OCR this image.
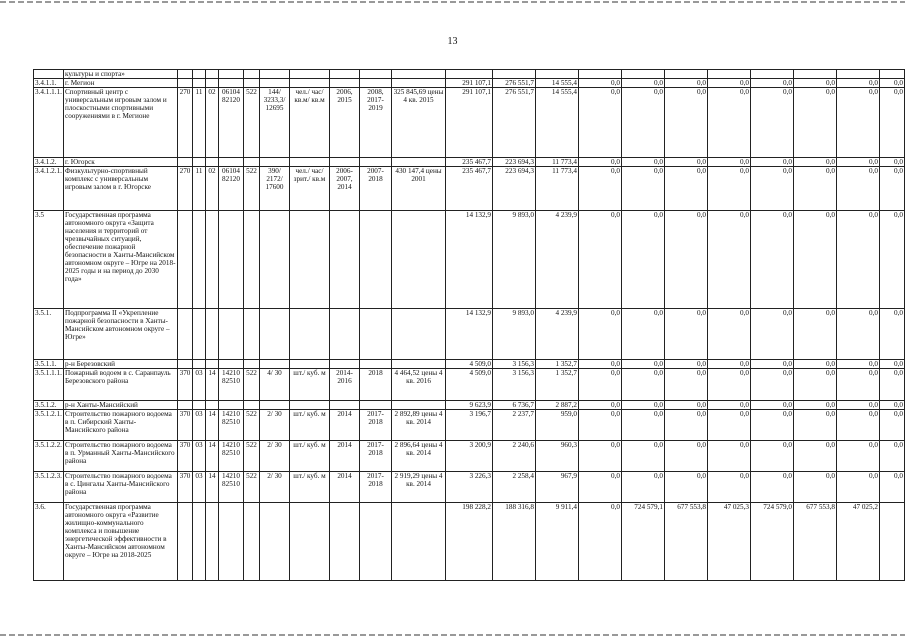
13
	культуры и спорта»																					
3.4.1.1.	г. Мегион											291 107,1	276 551,7	14 555,4	0,0	0,0	0,0	0,0	0,0	0,0	0,0	0,0
3.4.1.1.1.	Спортивный центр с универсальным игровым залом и плоскостными спортивными сооружениями в г. Мегионе	270	11	02	06104 82120	522	144/ 3233,3/ 12695	чел./ час/ кв.м/ кв.м	2006, 2015	2008, 2017-2019	325 845,69 цены 4 кв. 2015	291 107,1	276 551,7	14 555,4	0,0	0,0	0,0	0,0	0,0	0,0	0,0	0,0
3.4.1.2.	г. Югорск											235 467,7	223 694,3	11 773,4	0,0	0,0	0,0	0,0	0,0	0,0	0,0	0,0
3.4.1.2.1.	Физкультурно-спортивный комплекс с универсальным игровым залом в г. Югорске	270	11	02	06104 82120	522	390/ 2172/ 17600	чел./ час/ зрит./ кв.м	2006-2007, 2014	2007-2018	430 147,4 цены 2001	235 467,7	223 694,3	11 773,4	0,0	0,0	0,0	0,0	0,0	0,0	0,0	0,0
3.5	Государственная программа автономного округа «Защита населения и территорий от чрезвычайных ситуаций, обеспечение пожарной безопасности в Ханты-Мансийском автономном округе – Югре на 2018-2025 годы и на период до 2030 года»											14 132,9	9 893,0	4 239,9	0,0	0,0	0,0	0,0	0,0	0,0	0,0	0,0
3.5.1.	Подпрограмма II «Укрепление пожарной безопасности в Ханты-Мансийском автономном округе – Югре»											14 132,9	9 893,0	4 239,9	0,0	0,0	0,0	0,0	0,0	0,0	0,0	0,0
3.5.1.1.	р-н Березовский											4 509,0	3 156,3	1 352,7	0,0	0,0	0,0	0,0	0,0	0,0	0,0	0,0
3.5.1.1.1.	Пожарный водоем в с. Саранпауль Березовского района	370	03	14	14210 82510	522	4/ 30	шт./ куб. м	2014-2016	2018	4 464,52 цены 4 кв. 2016	4 509,0	3 156,3	1 352,7	0,0	0,0	0,0	0,0	0,0	0,0	0,0	0,0
3.5.1.2.	р-н Ханты-Мансийский											9 623,9	6 736,7	2 887,2	0,0	0,0	0,0	0,0	0,0	0,0	0,0	0,0
3.5.1.2.1.	Строительство пожарного водоема в п. Сибирский Ханты-Мансийского района	370	03	14	14210 82510	522	2/ 30	шт./ куб. м	2014	2017-2018	2 892,89 цены 4 кв. 2014	3 196,7	2 237,7	959,0	0,0	0,0	0,0	0,0	0,0	0,0	0,0	0,0
3.5.1.2.2.	Строительство пожарного водоема в п. Урманный Ханты-Мансийского района	370	03	14	14210 82510	522	2/ 30	шт./ куб. м	2014	2017-2018	2 896,64 цены 4 кв. 2014	3 200,9	2 240,6	960,3	0,0	0,0	0,0	0,0	0,0	0,0	0,0	0,0
3.5.1.2.3.	Строительство пожарного водоема в с. Цингалы Ханты-Мансийского района	370	03	14	14210 82510	522	2/ 30	шт./ куб. м	2014	2017-2018	2 919,29 цены 4 кв. 2014	3 226,3	2 258,4	967,9	0,0	0,0	0,0	0,0	0,0	0,0	0,0	0,0
3.6.	Государственная программа автономного округа «Развитие жилищно-коммунального комплекса и повышение энергетической эффективности в Ханты-Мансийском автономном округе – Югре на 2018-2025											198 228,2	188 316,8	9 911,4	0,0	724 579,1	677 553,8	47 025,3	724 579,0	677 553,8	47 025,2	
